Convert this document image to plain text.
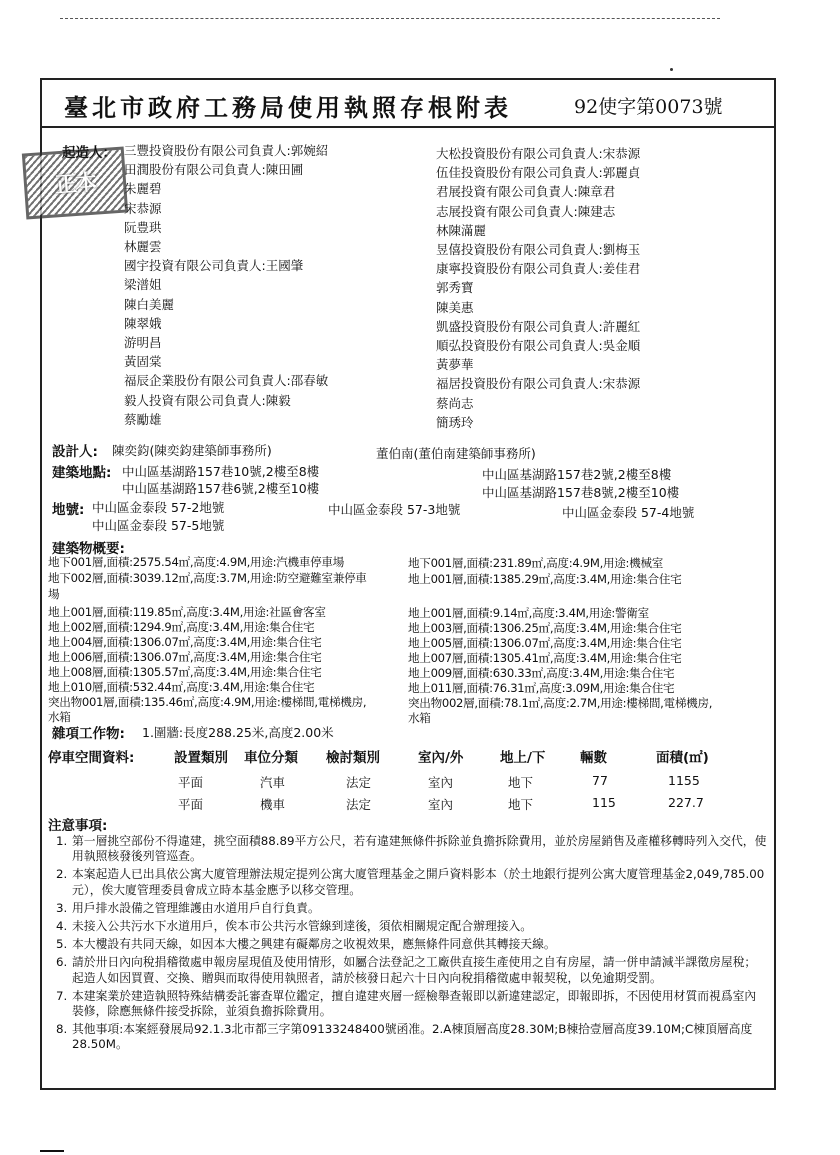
臺北市政府工務局使用執照存根附表	92使字第0073號
正本
起造人： 三豐投資股份有限公司負責人:郭婉紹
田潤股份有限公司負責人:陳田圃
朱麗碧
宋恭源
阮豊珙
林麗雲
國宇投資有限公司負責人:王國肇
梁潽姐
陳白美麗
陳翠娥
游明昌
黃固棠
福辰企業股份有限公司負責人:邵春敏
毅人投資有限公司負責人:陳毅
蔡勵雄
大松投資股份有限公司負責人:宋恭源
伍佳投資股份有限公司負責人:郭麗貞
君展投資有限公司負責人:陳章君
志展投資有限公司負責人:陳建志
林陳滿麗
昱僖投資股份有限公司負責人:劉梅玉
康寧投資股份有限公司負責人:姜佳君
郭秀寶
陳美惠
凱盛投資股份有限公司負責人:許麗紅
順弘投資股份有限公司負責人:吳金順
黃夢華
福居投資股份有限公司負責人:宋恭源
蔡尚志
簡琇玲
設計人: 陳奕鈞(陳奕鈞建築師事務所)	董伯南(董伯南建築師事務所)
建築地點: 中山區基湖路157巷10號,2樓至8樓
中山區基湖路157巷6號,2樓至10樓
中山區基湖路157巷2號,2樓至8樓
中山區基湖路157巷8號,2樓至10樓
地號: 中山區金泰段 57-2地號	中山區金泰段 57-3地號	中山區金泰段 57-4地號
中山區金泰段 57-5地號
建築物概要:
地下001層,面積:2575.54㎡,高度:4.9M,用途:汽機車停車場	地下001層,面積:231.89㎡,高度:4.9M,用途:機械室
地下002層,面積:3039.12㎡,高度:3.7M,用途:防空避難室兼停車	地上001層,面積:1385.29㎡,高度:3.4M,用途:集合住宅
場
地上001層,面積:119.85㎡,高度:3.4M,用途:社區會客室	地上001層,面積:9.14㎡,高度:3.4M,用途:警衛室
地上002層,面積:1294.9㎡,高度:3.4M,用途:集合住宅	地上003層,面積:1306.25㎡,高度:3.4M,用途:集合住宅
地上004層,面積:1306.07㎡,高度:3.4M,用途:集合住宅	地上005層,面積:1306.07㎡,高度:3.4M,用途:集合住宅
地上006層,面積:1306.07㎡,高度:3.4M,用途:集合住宅	地上007層,面積:1305.41㎡,高度:3.4M,用途:集合住宅
地上008層,面積:1305.57㎡,高度:3.4M,用途:集合住宅	地上009層,面積:630.33㎡,高度:3.4M,用途:集合住宅
地上010層,面積:532.44㎡,高度:3.4M,用途:集合住宅	地上011層,面積:76.31㎡,高度:3.09M,用途:集合住宅
突出物001層,面積:135.46㎡,高度:4.9M,用途:樓梯間,電梯機房,	突出物002層,面積:78.1㎡,高度:2.7M,用途:樓梯間,電梯機房,
水箱	水箱
雜項工作物: 1.圍牆:長度288.25米,高度2.00米
停車空間資料:	設置類別 車位分類 檢討類別	室內/外	地上/下	輛數	面積(㎡)
平面	汽車	法定	室內	地下	77	1155
平面	機車	法定	室內	地下	115	227.7
注意事項:
1. 第一層挑空部份不得違建，挑空面積88.89平方公尺，若有違建無條件拆除並負擔拆除費用，並於房屋銷售及產權移轉時列入交代，使用執照核發後列管巡查。
2. 本案起造人已出具依公寓大廈管理辦法規定提列公寓大廈管理基金之開戶資料影本（於土地銀行提列公寓大廈管理基金2,049,785.00元），俟大廈管理委員會成立時本基金應予以移交管理。
3. 用戶排水設備之管理維護由水道用戶自行負責。
4. 未接入公共污水下水道用戶，俟本市公共污水管線到達後，須依相關規定配合辦理接入。
5. 本大樓設有共同天線，如因本大樓之興建有礙鄰房之收視效果，應無條件同意供其轉接天線。
6. 請於卅日內向稅捐稽徵處申報房屋現值及使用情形，如屬合法登記之工廠供直接生產使用之自有房屋，請一併申請減半課徵房屋稅；起造人如因買賣、交換、贈與而取得使用執照者，請於核發日起六十日內向稅捐稽徵處申報契稅，以免逾期受罰。
7. 本建案業於建造執照特殊結構委託審查單位鑑定，擅自違建夾層一經檢舉查報即以新違建認定，即報即拆，不因使用材質而視爲室內裝修，除應無條件接受拆除，並須負擔拆除費用。
8. 其他事項:本案經發展局92.1.3北市都三字第09133248400號函准。2.A棟頂層高度28.30M;B棟拾壹層高度39.10M;C棟頂層高度28.50M。
